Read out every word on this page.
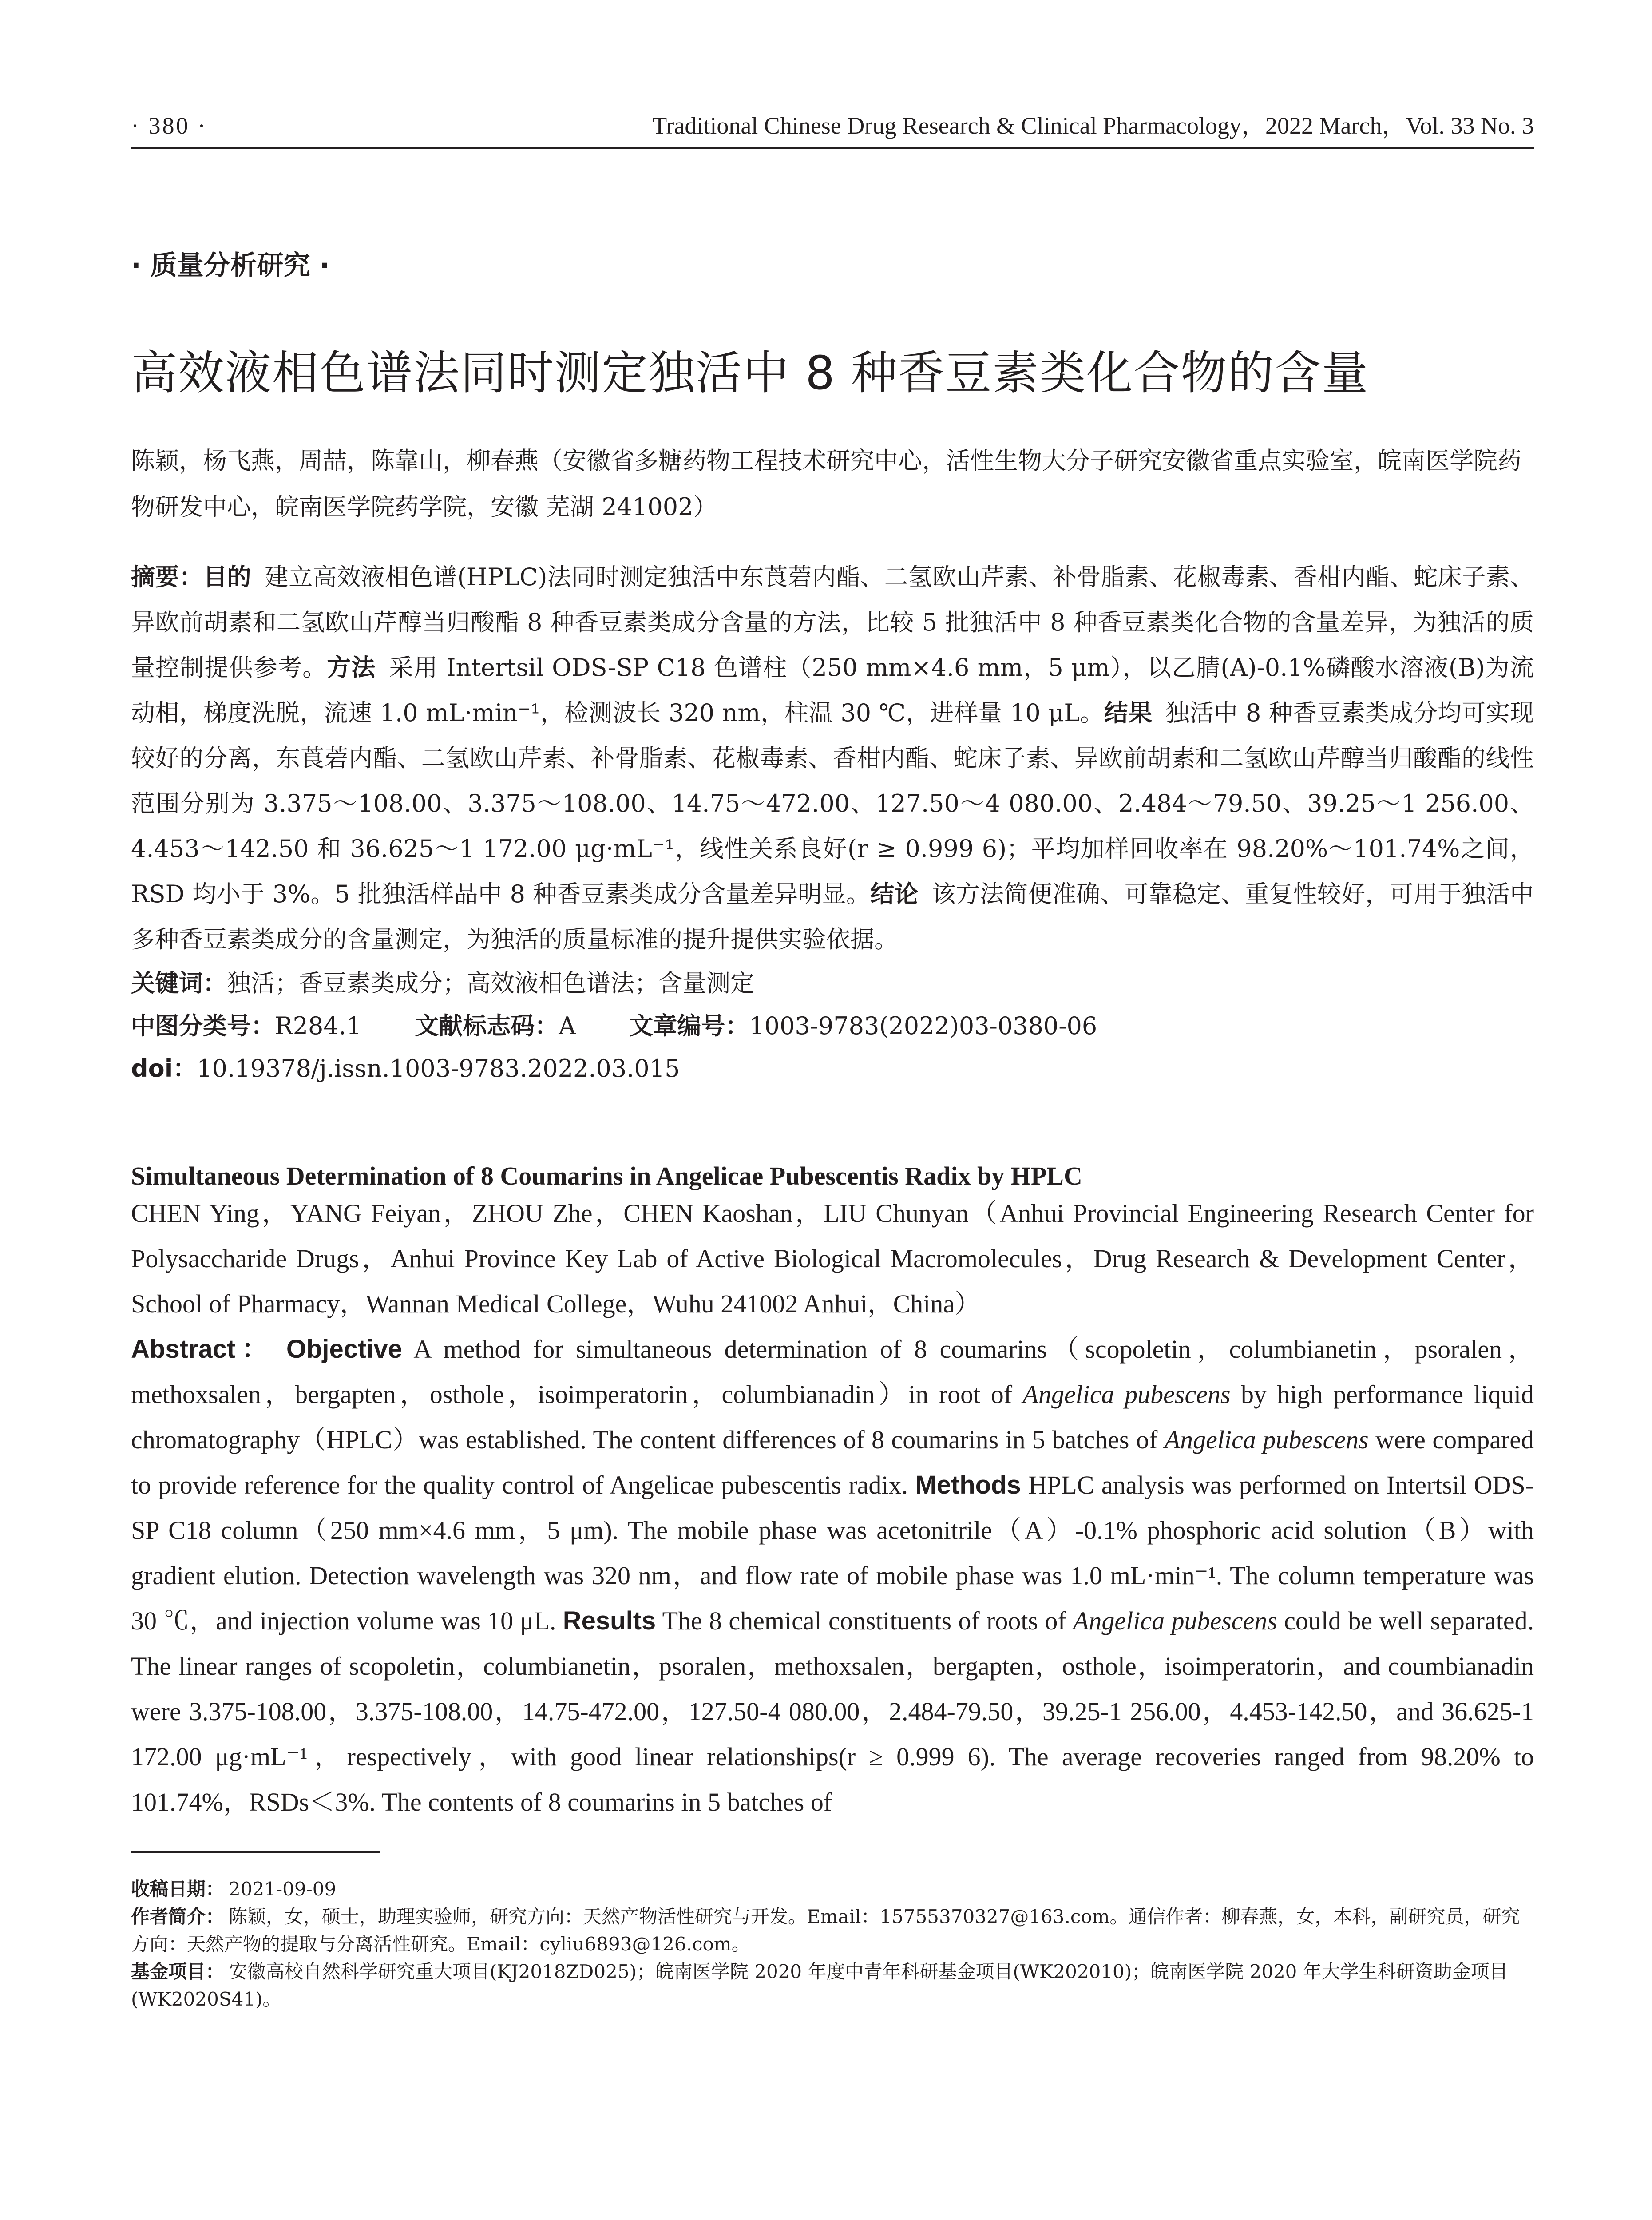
· 380 ·	Traditional Chinese Drug Research & Clinical Pharmacology，2022 March，Vol. 33 No. 3
· 质量分析研究 ·
高效液相色谱法同时测定独活中 8 种香豆素类化合物的含量
陈颖，杨飞燕，周喆，陈靠山，柳春燕（安徽省多糖药物工程技术研究中心，活性生物大分子研究安徽省重点实验室，皖南医学院药物研发中心，皖南医学院药学院，安徽 芜湖 241002）
摘要：目的 建立高效液相色谱(HPLC)法同时测定独活中东莨菪内酯、二氢欧山芹素、补骨脂素、花椒毒素、香柑内酯、蛇床子素、异欧前胡素和二氢欧山芹醇当归酸酯 8 种香豆素类成分含量的方法，比较 5 批独活中 8 种香豆素类化合物的含量差异，为独活的质量控制提供参考。方法 采用 Intertsil ODS-SP C18 色谱柱（250 mm×4.6 mm，5 μm），以乙腈(A)-0.1%磷酸水溶液(B)为流动相，梯度洗脱，流速 1.0 mL·min⁻¹，检测波长 320 nm，柱温 30 ℃，进样量 10 μL。结果 独活中 8 种香豆素类成分均可实现较好的分离，东莨菪内酯、二氢欧山芹素、补骨脂素、花椒毒素、香柑内酯、蛇床子素、异欧前胡素和二氢欧山芹醇当归酸酯的线性范围分别为 3.375～108.00、3.375～108.00、14.75～472.00、127.50～4 080.00、2.484～79.50、39.25～1 256.00、4.453～142.50 和 36.625～1 172.00 μg·mL⁻¹，线性关系良好(r ≥ 0.999 6)；平均加样回收率在 98.20%～101.74%之间，RSD 均小于 3%。5 批独活样品中 8 种香豆素类成分含量差异明显。结论 该方法简便准确、可靠稳定、重复性较好，可用于独活中多种香豆素类成分的含量测定，为独活的质量标准的提升提供实验依据。
关键词：独活；香豆素类成分；高效液相色谱法；含量测定
中图分类号：R284.1 文献标志码：A 文章编号：1003-9783(2022)03-0380-06
doi：10.19378/j.issn.1003-9783.2022.03.015
Simultaneous Determination of 8 Coumarins in Angelicae Pubescentis Radix by HPLC
CHEN Ying，YANG Feiyan，ZHOU Zhe，CHEN Kaoshan，LIU Chunyan（Anhui Provincial Engineering Research Center for Polysaccharide Drugs，Anhui Province Key Lab of Active Biological Macromolecules，Drug Research & Development Center，School of Pharmacy，Wannan Medical College，Wuhu 241002 Anhui，China）
Abstract： Objective A method for simultaneous determination of 8 coumarins（scopoletin，columbianetin，psoralen，methoxsalen，bergapten，osthole，isoimperatorin，columbianadin）in root of Angelica pubescens by high performance liquid chromatography（HPLC）was established. The content differences of 8 coumarins in 5 batches of Angelica pubescens were compared to provide reference for the quality control of Angelicae pubescentis radix. Methods HPLC analysis was performed on Intertsil ODS-SP C18 column（250 mm×4.6 mm，5 μm). The mobile phase was acetonitrile（A）-0.1% phosphoric acid solution（B）with gradient elution. Detection wavelength was 320 nm，and flow rate of mobile phase was 1.0 mL·min⁻¹. The column temperature was 30 ℃，and injection volume was 10 μL. Results The 8 chemical constituents of roots of Angelica pubescens could be well separated. The linear ranges of scopoletin，columbianetin，psoralen，methoxsalen，bergapten，osthole，isoimperatorin，and coumbianadin were 3.375-108.00，3.375-108.00，14.75-472.00，127.50-4 080.00，2.484-79.50，39.25-1 256.00，4.453-142.50，and 36.625-1 172.00 μg·mL⁻¹，respectively，with good linear relationships(r ≥ 0.999 6). The average recoveries ranged from 98.20% to 101.74%，RSDs＜3%. The contents of 8 coumarins in 5 batches of
收稿日期： 2021-09-09
作者简介： 陈颖，女，硕士，助理实验师，研究方向：天然产物活性研究与开发。Email：15755370327@163.com。通信作者：柳春燕，女，本科，副研究员，研究方向：天然产物的提取与分离活性研究。Email：cyliu6893@126.com。
基金项目： 安徽高校自然科学研究重大项目(KJ2018ZD025)；皖南医学院 2020 年度中青年科研基金项目(WK202010)；皖南医学院 2020 年大学生科研资助金项目(WK2020S41)。
